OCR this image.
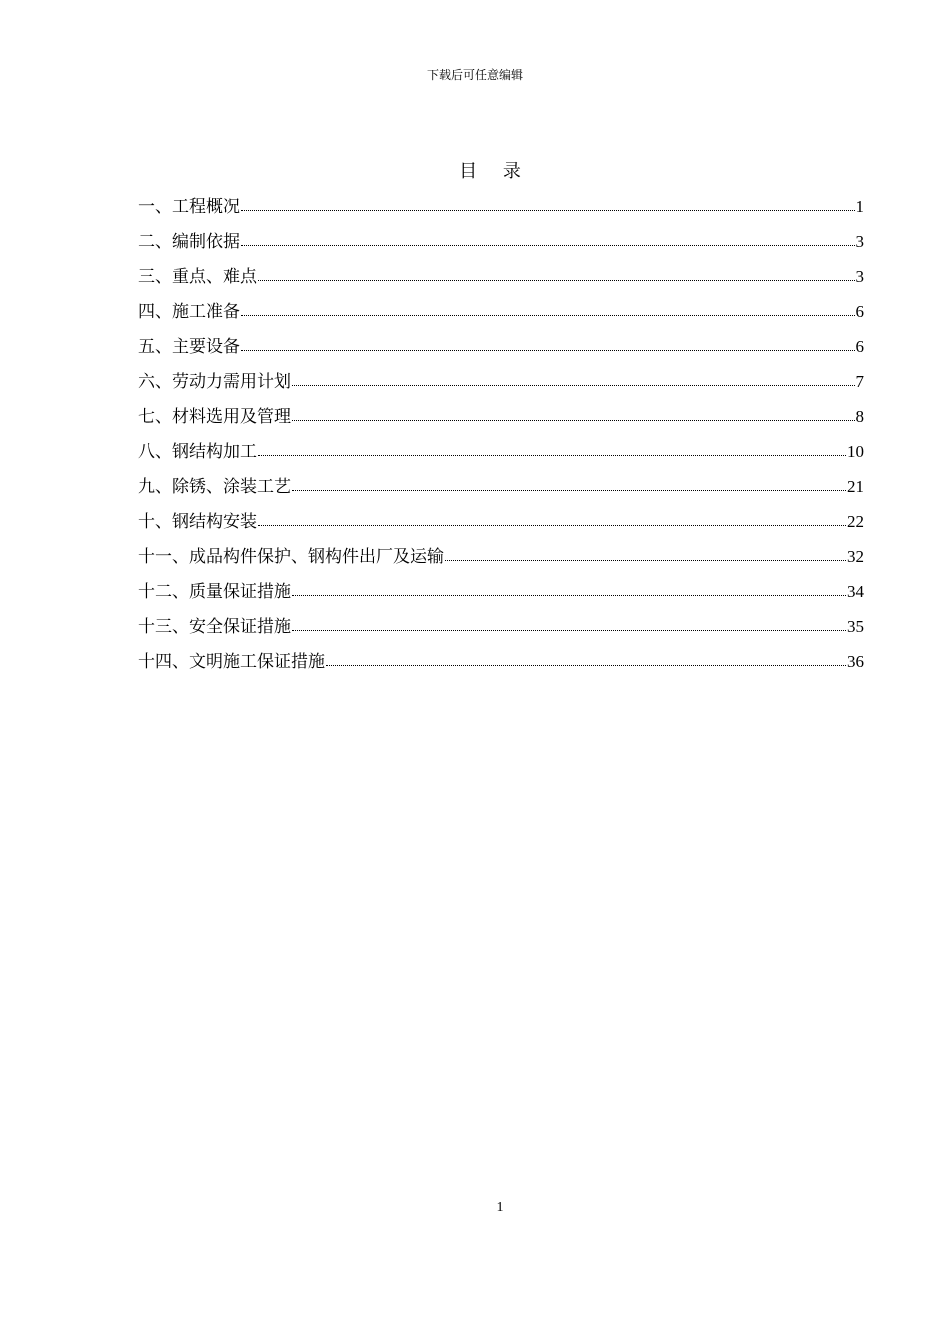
下载后可任意编辑
目 录
一、工程概况	1
二、编制依据	3
三、重点、难点	3
四、施工准备	6
五、主要设备	6
六、劳动力需用计划	7
七、材料选用及管理	8
八、钢结构加工	10
九、除锈、涂装工艺	21
十、钢结构安装	22
十一、成品构件保护、钢构件出厂及运输	32
十二、质量保证措施	34
十三、安全保证措施	35
十四、文明施工保证措施	36
1
